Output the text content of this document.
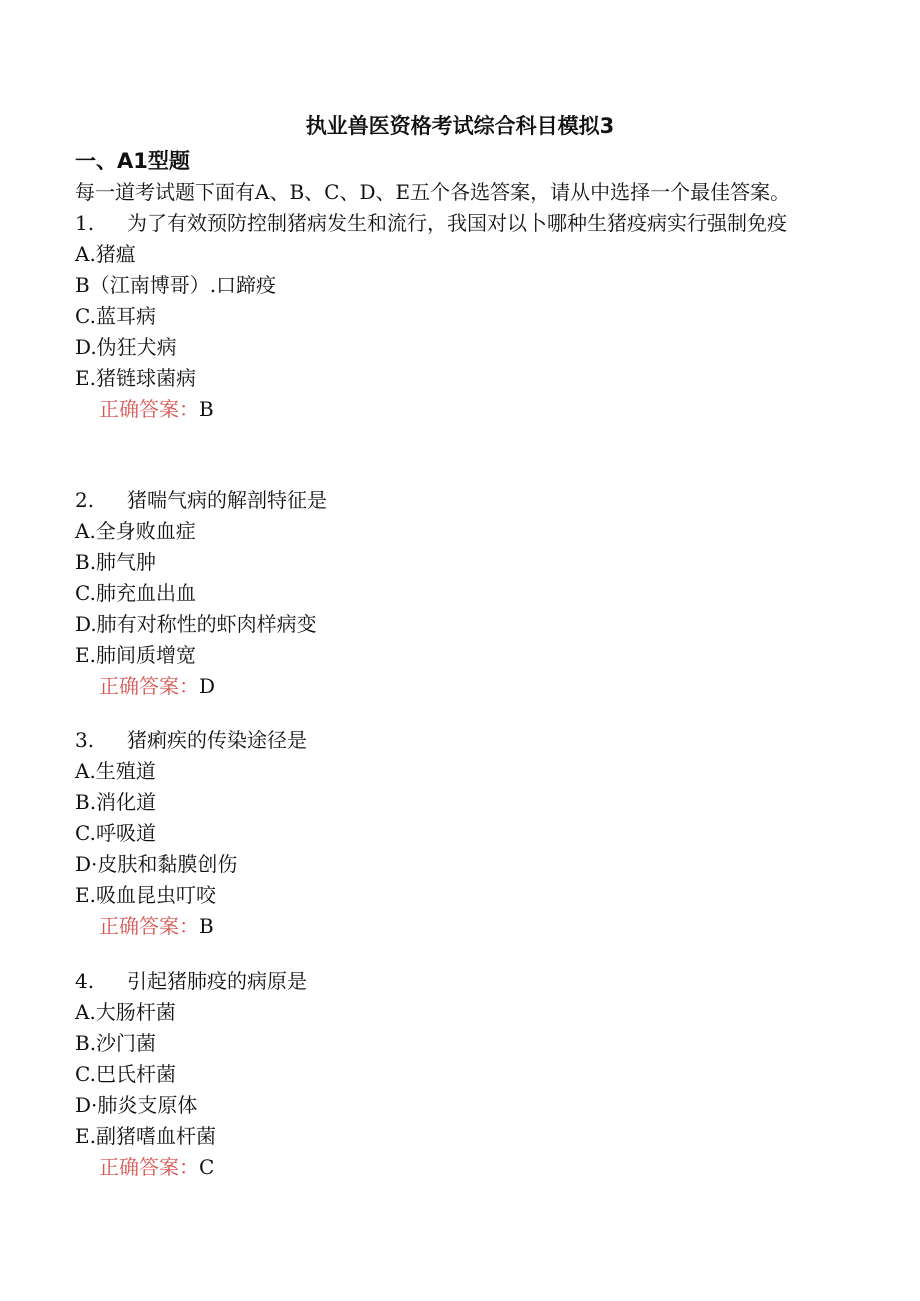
执业兽医资格考试综合科目模拟3
一、A1型题
每一道考试题下面有A、B、C、D、E五个各选答案，请从中选择一个最佳答案。
1. 为了有效预防控制猪病发生和流行，我国对以卜哪种生猪疫病实行强制免疫
A.猪瘟
B（江南博哥）.口蹄疫
C.蓝耳病
D.伪狂犬病
E.猪链球菌病
正确答案：B
2. 猪喘气病的解剖特征是
A.全身败血症
B.肺气肿
C.肺充血出血
D.肺有对称性的虾肉样病变
E.肺间质增宽
正确答案：D
3. 猪痢疾的传染途径是
A.生殖道
B.消化道
C.呼吸道
D·皮肤和黏膜创伤
E.吸血昆虫叮咬
正确答案：B
4. 引起猪肺疫的病原是
A.大肠杆菌
B.沙门菌
C.巴氏杆菌
D·肺炎支原体
E.副猪嗜血杆菌
正确答案：C
